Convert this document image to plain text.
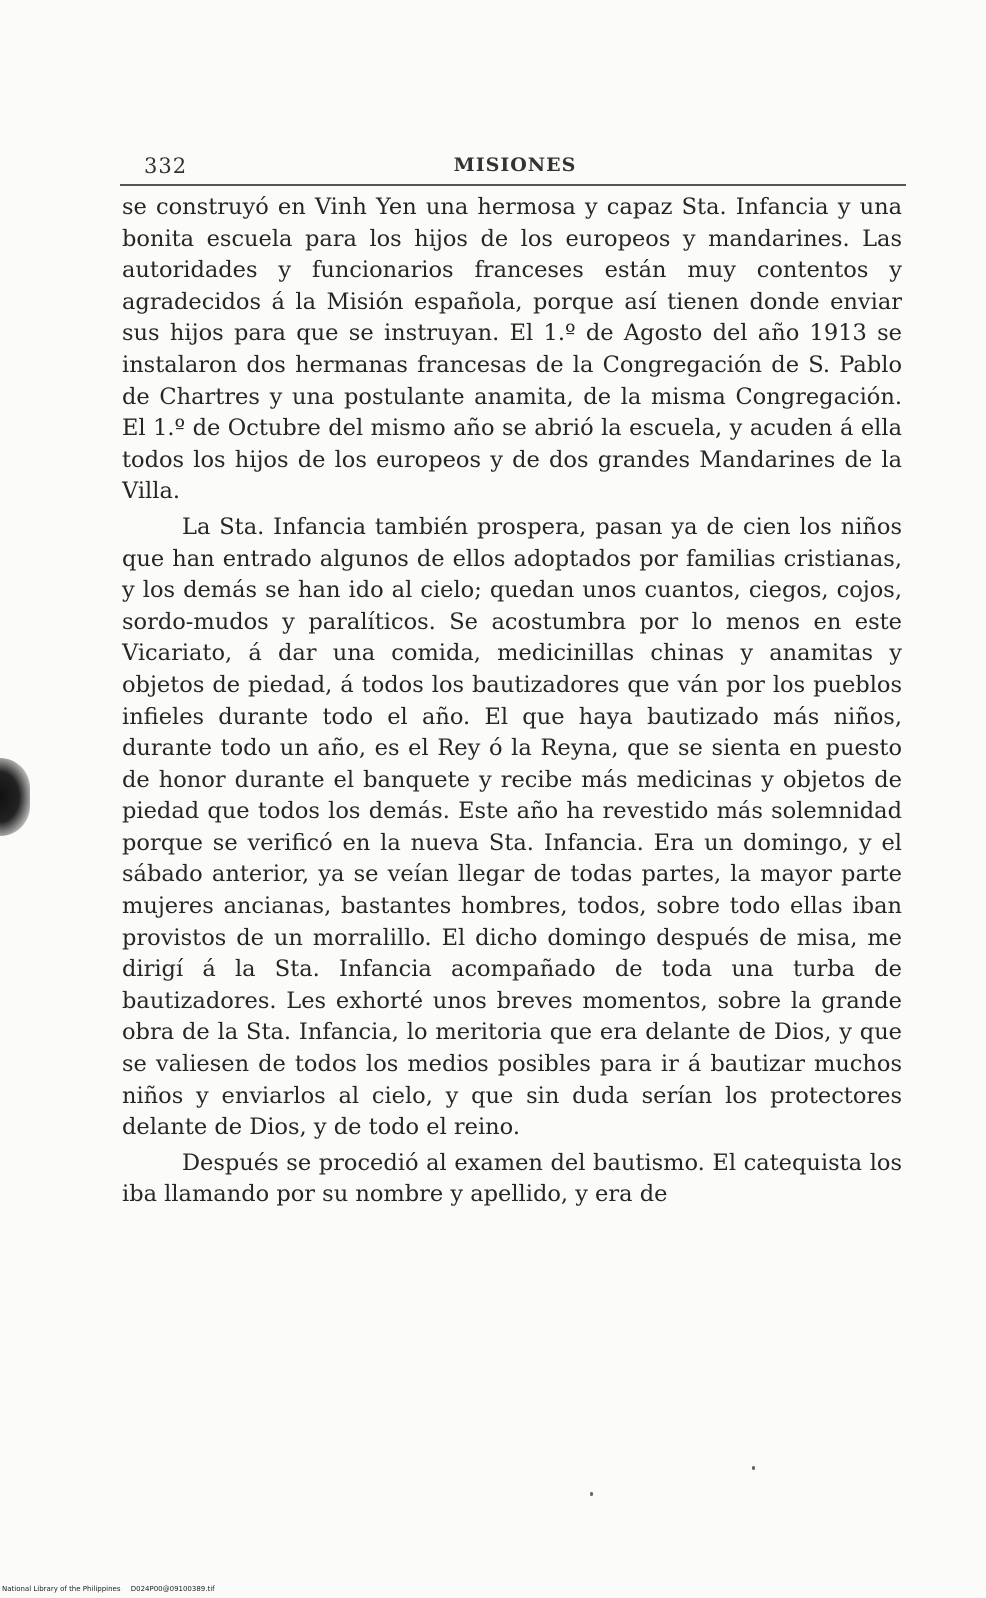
332	MISIONES

se construyó en Vinh Yen una hermosa y capaz Sta. Infancia y una bonita escuela para los hijos de los europeos y mandarines. Las autoridades y funcionarios franceses están muy contentos y agradecidos á la Misión española, porque así tienen donde enviar sus hijos para que se instruyan. El 1.º de Agosto del año 1913 se instalaron dos hermanas francesas de la Congregación de S. Pablo de Chartres y una postulante anamita, de la misma Congregación. El 1.º de Octubre del mismo año se abrió la escuela, y acuden á ella todos los hijos de los europeos y de dos grandes Mandarines de la Villa.

La Sta. Infancia también prospera, pasan ya de cien los niños que han entrado algunos de ellos adoptados por familias cristianas, y los demás se han ido al cielo; quedan unos cuantos, ciegos, cojos, sordo-mudos y paralíticos. Se acostumbra por lo menos en este Vicariato, á dar una comida, medicinillas chinas y anamitas y objetos de piedad, á todos los bautizadores que ván por los pueblos infieles durante todo el año. El que haya bautizado más niños, durante todo un año, es el Rey ó la Reyna, que se sienta en puesto de honor durante el banquete y recibe más medicinas y objetos de piedad que todos los demás. Este año ha revestido más solemnidad porque se verificó en la nueva Sta. Infancia. Era un domingo, y el sábado anterior, ya se veían llegar de todas partes, la mayor parte mujeres ancianas, bastantes hombres, todos, sobre todo ellas iban provistos de un morralillo. El dicho domingo después de misa, me dirigí á la Sta. Infancia acompañado de toda una turba de bautizadores. Les exhorté unos breves momentos, sobre la grande obra de la Sta. Infancia, lo meritoria que era delante de Dios, y que se valiesen de todos los medios posibles para ir á bautizar muchos niños y enviarlos al cielo, y que sin duda serían los protectores delante de Dios, y de todo el reino.

Después se procedió al examen del bautismo. El catequista los iba llamando por su nombre y apellido, y era de

National Library of the Philippines D024P00@09100389.tif
